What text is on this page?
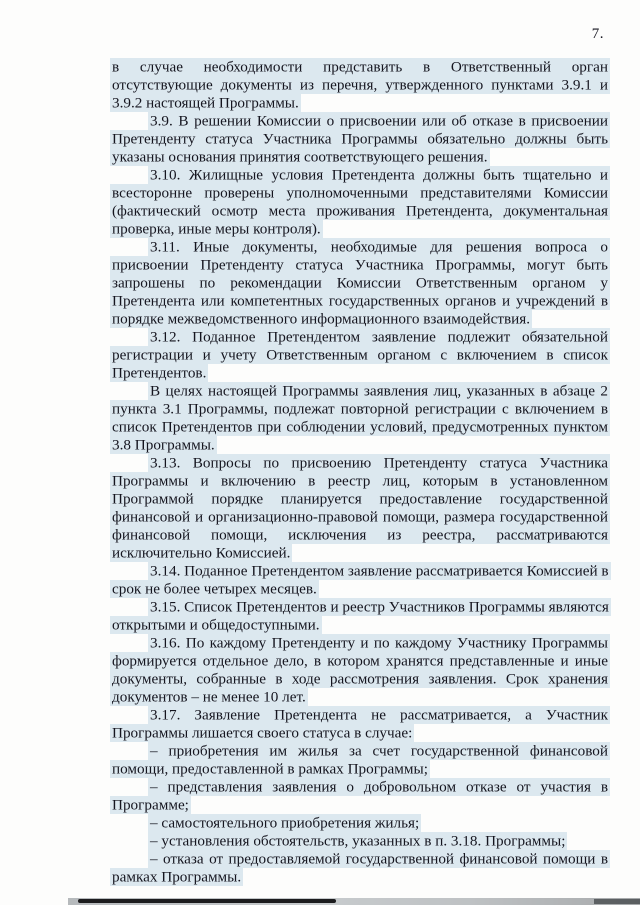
7.

в случае необходимости представить в Ответственный орган отсутствующие документы из перечня, утвержденного пунктами 3.9.1 и 3.9.2 настоящей Программы.

3.9. В решении Комиссии о присвоении или об отказе в присвоении Претенденту статуса Участника Программы обязательно должны быть указаны основания принятия соответствующего решения.

3.10. Жилищные условия Претендента должны быть тщательно и всесторонне проверены уполномоченными представителями Комиссии (фактический осмотр места проживания Претендента, документальная проверка, иные меры контроля).

3.11. Иные документы, необходимые для решения вопроса о присвоении Претенденту статуса Участника Программы, могут быть запрошены по рекомендации Комиссии Ответственным органом у Претендента или компетентных государственных органов и учреждений в порядке межведомственного информационного взаимодействия.

3.12. Поданное Претендентом заявление подлежит обязательной регистрации и учету Ответственным органом с включением в список Претендентов.

В целях настоящей Программы заявления лиц, указанных в абзаце 2 пункта 3.1 Программы, подлежат повторной регистрации с включением в список Претендентов при соблюдении условий, предусмотренных пунктом 3.8 Программы.

3.13. Вопросы по присвоению Претенденту статуса Участника Программы и включению в реестр лиц, которым в установленном Программой порядке планируется предоставление государственной финансовой и организационно-правовой помощи, размера государственной финансовой помощи, исключения из реестра, рассматриваются исключительно Комиссией.

3.14. Поданное Претендентом заявление рассматривается Комиссией в срок не более четырех месяцев.

3.15. Список Претендентов и реестр Участников Программы являются открытыми и общедоступными.

3.16. По каждому Претенденту и по каждому Участнику Программы формируется отдельное дело, в котором хранятся представленные и иные документы, собранные в ходе рассмотрения заявления. Срок хранения документов – не менее 10 лет.

3.17. Заявление Претендента не рассматривается, а Участник Программы лишается своего статуса в случае:

– приобретения им жилья за счет государственной финансовой помощи, предоставленной в рамках Программы;

– представления заявления о добровольном отказе от участия в Программе;

– самостоятельного приобретения жилья;

– установления обстоятельств, указанных в п. 3.18. Программы;

– отказа от предоставляемой государственной финансовой помощи в рамках Программы.
